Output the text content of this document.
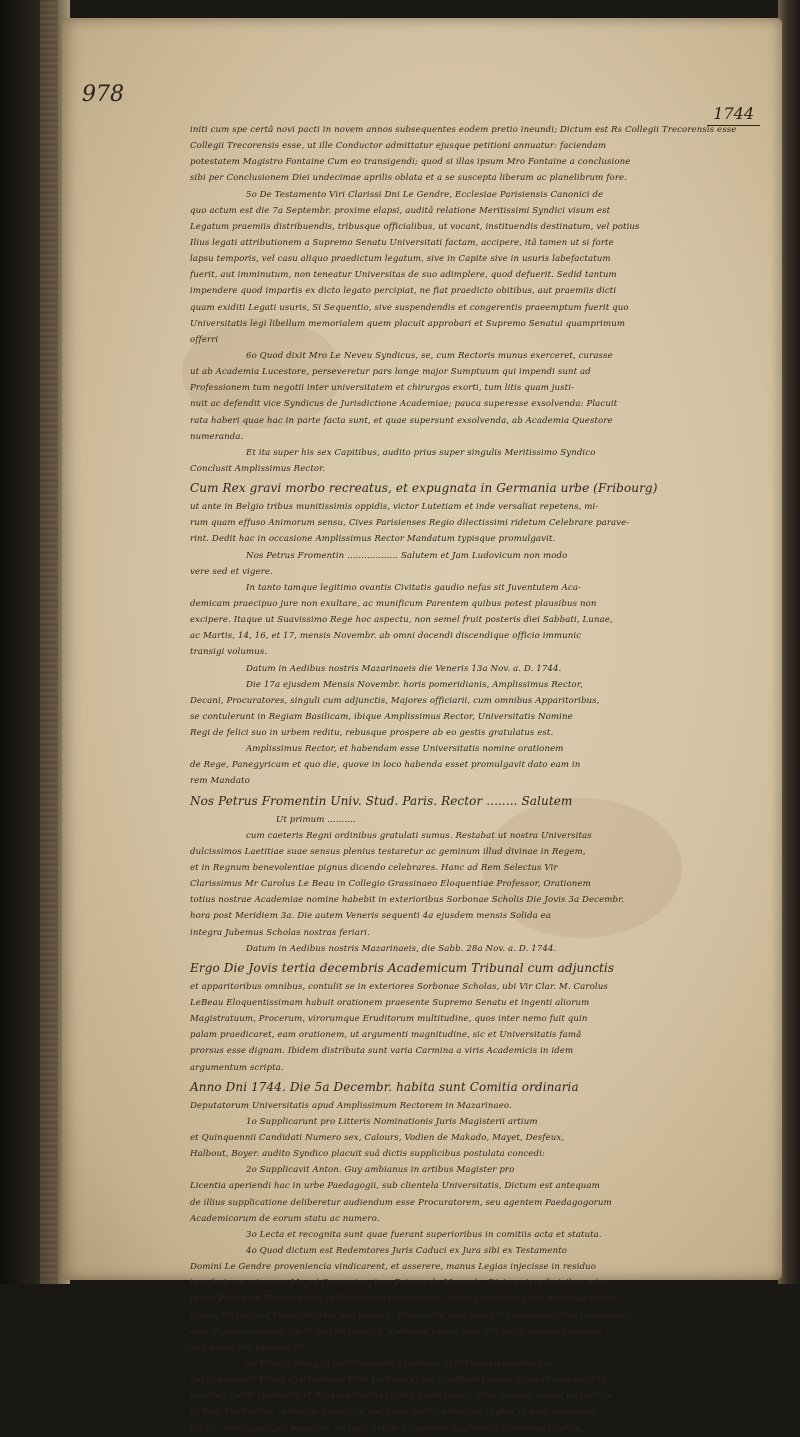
978
1744
initi cum spe certâ novi pacti in novem annos subsequentes eodem pretio ineundi; Dictum est Rs Collegii Trecorensis esse
Collegii Trecorensis esse, ut ille Conductor admittatur ejusque petitioni annuatur: faciendam
potestatem Magistro Fontaine Cum eo transigendi; quod si illas ipsum Mro Fontaine a conclusione
sibi per Conclusionem Diei undecimae aprilis oblata et a se suscepta liberam ac planelibrum fore.
5o De Testamento Viri Clarissi Dni Le Gendre, Ecclesiae Parisiensis Canonici de
quo actum est die 7a Septembr. proxime elapsi, auditâ relatione Meritissimi Syndici visum est
Legatum praemiis distribuendis, tribusque officialibus, ut vocant, instituendis destinatum, vel potius
Ilius legati attributionem a Supremo Senatu Universitati factam, accipere, itâ tamen ut si forte
lapsu temporis, vel casu aliquo praedictum legatum, sive in Capite sive in usuris labefactatum
fuerit, aut imminutum, non teneatur Universitas de suo adimplere, quod defuerit. Sedid tantum
impendere quod impartis ex dicto legato percipiat, ne fiat praedicto obitibus, aut praemiis dicti
quam exiditi Legati usuris, Si Sequentio, sive suspendendis et congerentis praeemptum fuerit quo
Universitatis legi libellum memorialem quem placuit approbari et Supremo Senatui quamprimum
offerri
6o Quod dixit Mro Le Neveu Syndicus, se, cum Rectoris munus exerceret, curasse
ut ab Academia Lucestore, perseveretur pars longe major Sumptuum qui impendi sunt ad
Professionem tum negotii inter universitatem et chirurgos exorti, tum litis quam justi-
nuit ac defendit vice Syndicus de Jurisdictione Academiae; pauca superesse exsolvenda: Placuit
rata haberi quae hac in parte facta sunt, et quae supersunt exsolvenda, ab Academia Questore
numeranda.
Et ita super his sex Capitibus, audito prius super singulis Meritissimo Syndico
Conclusit Amplissimus Rector.
Cum Rex gravi morbo recreatus, et expugnata in Germania urbe (Fribourg)
ut ante in Belgio tribus munitissimis oppidis, victor Lutetiam et inde versaliat repetens, mi-
rum quam effuso Animorum sensu, Cives Parisienses Regio dilectissimi ridetum Celebrare parave-
rint. Dedit hac in occasione Amplissimus Rector Mandatum typisque promulgavit.
Nos Petrus Fromentin .................. Salutem et Jam Ludovicum non modo
vere sed et vigere.
In tanto tamque legitimo ovantis Civitatis gaudio nefas sit Juventutem Aca-
demicam praecipuo jure non exultare, ac munificum Parentem quibus potest plausibus non
excipere. Itaque ut Suavissimo Rege hoc aspectu, non semel fruit posteris diei Sabbati, Lunae,
ac Martis, 14, 16, et 17, mensis Novembr. ab omni docendi discendique officio immunic
transigi volumus.
Datum in Aedibus nostris Mazarinaeis die Veneris 13a Nov. a. D. 1744.
Die 17a ejusdem Mensis Novembr. horis pomeridianis, Amplissimus Rector,
Decani, Procuratores, singuli cum adjunctis, Majores officiarii, cum omnibus Apparitoribus,
se contulerunt in Regiam Basilicam, ibique Amplissimus Rector, Universitatis Nomine
Regi de felici suo in urbem reditu, rebusque prospere ab eo gestis gratulatus est.
Amplissimus Rector, et habendam esse Universitatis nomine orationem
de Rege, Panegyricam et quo die, quove in loco habenda esset promulgavit dato eam in
rem Mandato
Nos Petrus Fromentin Univ. Stud. Paris. Rector ........ Salutem
Ut primum ..........
cum caeteris Regni ordinibus gratulati sumus. Restabat ut nostra Universitas
dulcissimos Laetitiae suae sensus plenius testaretur ac geminum illud divinae in Regem,
et in Regnum benevolentiae pignus dicendo celebrares. Hanc ad Rem Selectus Vir
Clarissimus Mr Carolus Le Beau in Collegio Grassinaeo Eloquentiae Professor, Orationem
totius nostrae Academiae nomine habebit in exterioribus Sorbonae Scholis Die Jovis 3a Decembr.
hora post Meridiem 3a. Die autem Veneris sequenti 4a ejusdem mensis Solida ea
integra Jubemus Scholas nostras feriari.
Datum in Aedibus nostris Mazarinaeis, die Sabb. 28a Nov. a. D. 1744.
Ergo Die Jovis tertia decembris Academicum Tribunal cum adjunctis
et apparitoribus omnibus, contulit se in exteriores Sorbonae Scholas, ubi Vir Clar. M. Carolus
LeBeau Eloquentissimam habuit orationem praesente Supremo Senatu et ingenti aliorum
Magistratuum, Procerum, virorumque Eruditorum multitudine, quos inter nemo fuit quin
palam praedicaret, eam orationem, ut argumenti magnitudine, sic et Universitatis famâ
prorsus esse dignam. Ibidem distributa sunt varia Carmina a viris Academicis in idem
argumentum scripta.
Anno Dni 1744. Die 5a Decembr. habita sunt Comitia ordinaria
Deputatorum Universitatis apud Amplissimum Rectorem in Mazarinaeo.
1o Supplicarunt pro Litteris Nominationis Juris Magisterii artium
et Quinquennii Candidati Numero sex, Calours, Vodien de Makado, Mayet, Desfeux,
Halbout, Boyer. audito Syndico placuit suâ dictis supplicibus postulata concedi:
2o Supplicavit Anton. Guy ambianus in artibus Magister pro
Licentia aperiendi hac in urbe Paedagogii, sub clientela Universitatis, Dictum est antequam
de illius supplicatione deliberetur audiendum esse Procuratorem, seu agentem Paedagogorum
Academicorum de eorum statu ac numero.
3o Lecta et recognita sunt quae fuerant superioribus in comitiis acta et statuta.
4o Quod dictum est Redemtores Juris Caduci ex Jura sibi ex Testamento
Domini Le Gendre proveniencia vindicarent, et asserere, manus Legias injecisse in residuo
tum fratrum minorum Magni Conventus, tum Patrum de Mercede. Dicto autem fratribus mino-
res et Patres de Mercede rem in Universitatem rejecisse, eique secundum Juris formulas denun-
tiasse; Dictum est Universitatem non posse in Praesentia cum praefatis redemptoribus transigere,
cum in possessionem legati non sit inducta. agendum tamen cum illis ut ne cuiquam molesti
sint donec res peracta sit.
5o Placuit delegari meritissimum Syndicum et Scribam Academicum
qui conveniant Virum Clarissimum Mrm Le Beau eique significent quam grata et accepta Uni-
versitati fuerit splendida et Eloquentissima Oratio quam nuper, illius nomine habuit de restitu-
ta Regi Valetudine, rebusque praeclare hoc anno gestis, simulque rogent ut eam orationem
tradat, simulque typis mandari. accipiat autem ex aerario Academico Trecentas libellas,
